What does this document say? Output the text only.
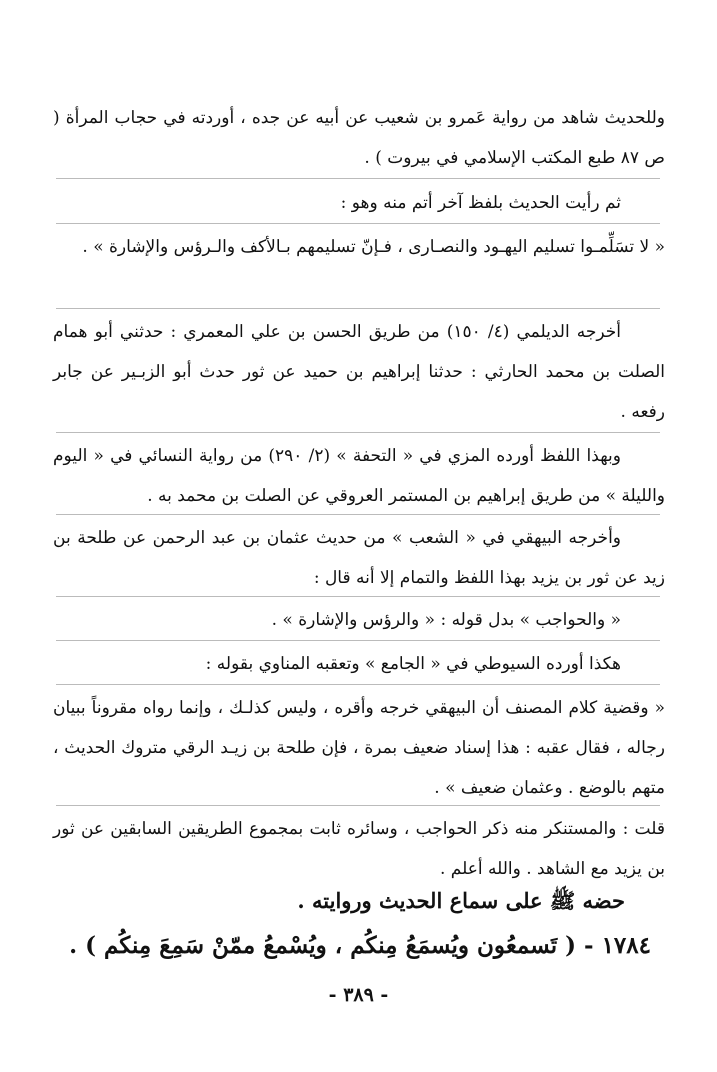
وللحديث شاهد من رواية عَمرو بن شعيب عن أبيه عن جده ، أوردته في حجاب المرأة ( ص ٨٧ طبع المكتب الإسلامي في بيروت ) .
ثم رأيت الحديث بلفظ آخر أتم منه وهو :
« لا تسَلِّمـوا تسليم اليهـود والنصـارى ، فـإنّ تسليمهم بـالأكف والـرؤس والإشارة » .
أخرجه الديلمي (٤/ ١٥٠) من طريق الحسن بن علي المعمري : حدثني أبو همام الصلت بن محمد الحارثي : حدثنا إبراهيم بن حميد عن ثور حدث أبو الزبـير عن جابر رفعه .
وبهذا اللفظ أورده المزي في « التحفة » (٢/ ٢٩٠) من رواية النسائي في « اليوم والليلة » من طريق إبراهيم بن المستمر العروقي عن الصلت بن محمد به .
وأخرجه البيهقي في « الشعب » من حديث عثمان بن عبد الرحمن عن طلحة بن زيد عن ثور بن يزيد بهذا اللفظ والتمام إلا أنه قال :
« والحواجب » بدل قوله : « والرؤس والإشارة » .
هكذا أورده السيوطي في « الجامع » وتعقبه المناوي بقوله :
« وقضية كلام المصنف أن البيهقي خرجه وأقره ، وليس كذلـك ، وإنما رواه مقروناً ببيان رجاله ، فقال عقبه : هذا إسناد ضعيف بمرة ، فإن طلحة بن زيـد الرقي متروك الحديث ، متهم بالوضع . وعثمان ضعيف » .
قلت : والمستنكر منه ذكر الحواجب ، وسائره ثابت بمجموع الطريقين السابقين عن ثور بن يزيد مع الشاهد . والله أعلم .
حضه ﷺ على سماع الحديث وروايته .
١٧٨٤ - ( تَسمعُون ويُسمَعُ مِنكُم ، ويُسْمعُ ممّنْ سَمِعَ مِنكُم ) .
- ٣٨٩ -
